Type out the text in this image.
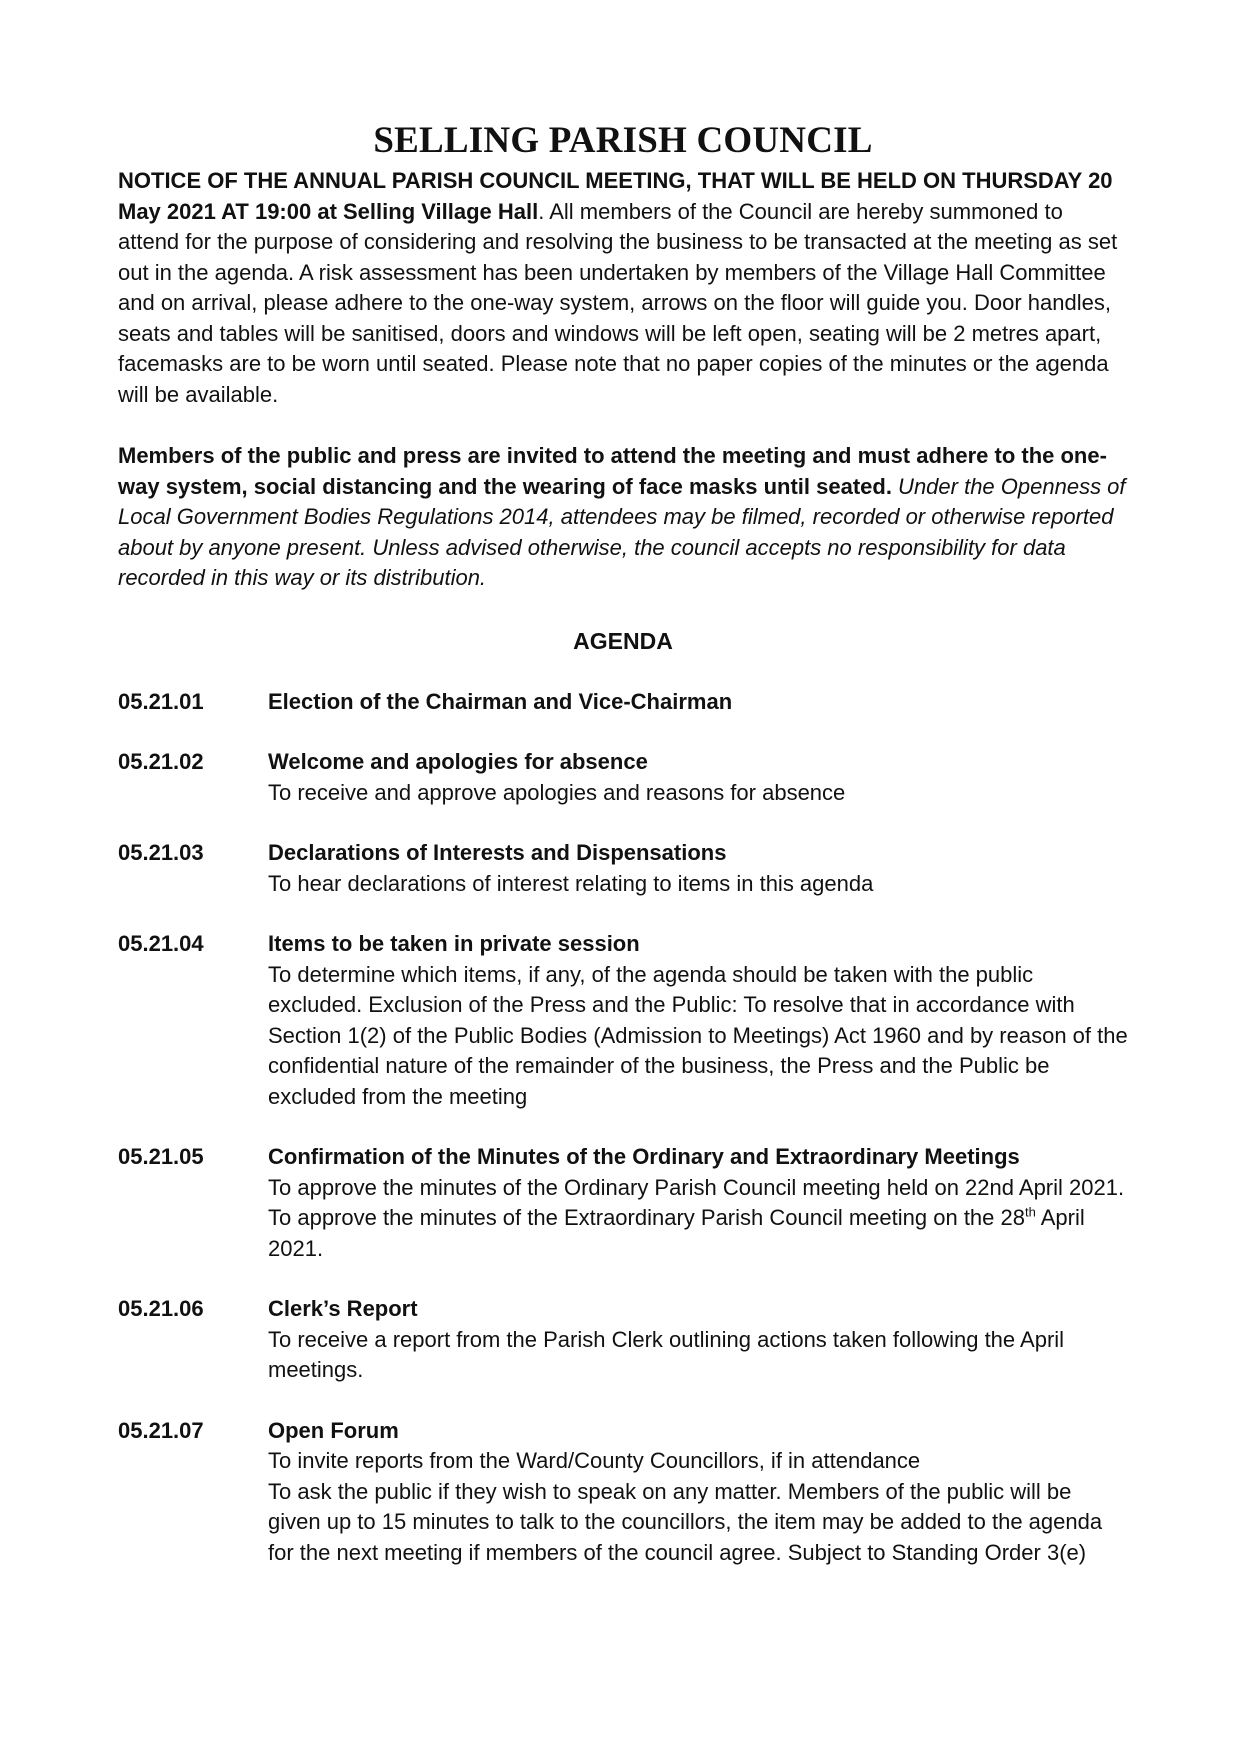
SELLING PARISH COUNCIL

NOTICE OF THE ANNUAL PARISH COUNCIL MEETING, THAT WILL BE HELD ON THURSDAY 20 May 2021 AT 19:00 at Selling Village Hall. All members of the Council are hereby summoned to attend for the purpose of considering and resolving the business to be transacted at the meeting as set out in the agenda. A risk assessment has been undertaken by members of the Village Hall Committee and on arrival, please adhere to the one-way system, arrows on the floor will guide you. Door handles, seats and tables will be sanitised, doors and windows will be left open, seating will be 2 metres apart, facemasks are to be worn until seated. Please note that no paper copies of the minutes or the agenda will be available.

Members of the public and press are invited to attend the meeting and must adhere to the one-way system, social distancing and the wearing of face masks until seated. Under the Openness of Local Government Bodies Regulations 2014, attendees may be filmed, recorded or otherwise reported about by anyone present. Unless advised otherwise, the council accepts no responsibility for data recorded in this way or its distribution.

AGENDA
05.21.01	Election of the Chairman and Vice-Chairman
05.21.02	Welcome and apologies for absence
To receive and approve apologies and reasons for absence
05.21.03	Declarations of Interests and Dispensations
To hear declarations of interest relating to items in this agenda
05.21.04	Items to be taken in private session
To determine which items, if any, of the agenda should be taken with the public excluded. Exclusion of the Press and the Public: To resolve that in accordance with Section 1(2) of the Public Bodies (Admission to Meetings) Act 1960 and by reason of the confidential nature of the remainder of the business, the Press and the Public be excluded from the meeting
05.21.05	Confirmation of the Minutes of the Ordinary and Extraordinary Meetings
To approve the minutes of the Ordinary Parish Council meeting held on 22nd April 2021. To approve the minutes of the Extraordinary Parish Council meeting on the 28th April 2021.
05.21.06	Clerk’s Report
To receive a report from the Parish Clerk outlining actions taken following the April meetings.
05.21.07	Open Forum
To invite reports from the Ward/County Councillors, if in attendance
To ask the public if they wish to speak on any matter. Members of the public will be given up to 15 minutes to talk to the councillors, the item may be added to the agenda for the next meeting if members of the council agree. Subject to Standing Order 3(e)
